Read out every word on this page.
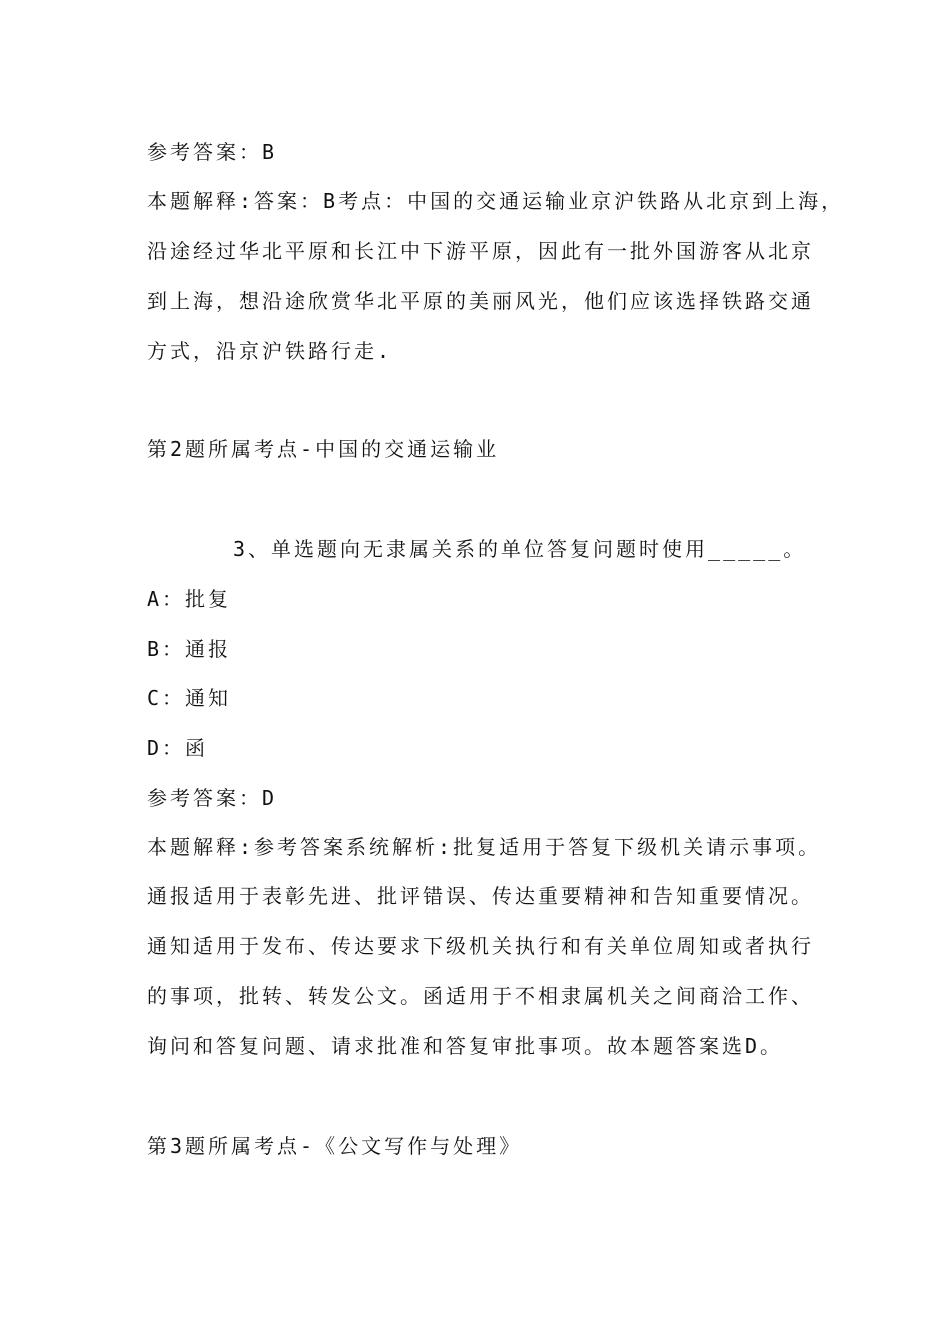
参考答案：B
本题解释:答案：B考点：中国的交通运输业京沪铁路从北京到上海，
沿途经过华北平原和长江中下游平原，因此有一批外国游客从北京
到上海，想沿途欣赏华北平原的美丽风光，他们应该选择铁路交通
方式，沿京沪铁路行走.
第2题所属考点-中国的交通运输业
3、单选题向无隶属关系的单位答复问题时使用_____。
A：批复
B：通报
C：通知
D：函
参考答案：D
本题解释:参考答案系统解析:批复适用于答复下级机关请示事项。
通报适用于表彰先进、批评错误、传达重要精神和告知重要情况。
通知适用于发布、传达要求下级机关执行和有关单位周知或者执行
的事项，批转、转发公文。函适用于不相隶属机关之间商洽工作、
询问和答复问题、请求批准和答复审批事项。故本题答案选D。
第3题所属考点-《公文写作与处理》
